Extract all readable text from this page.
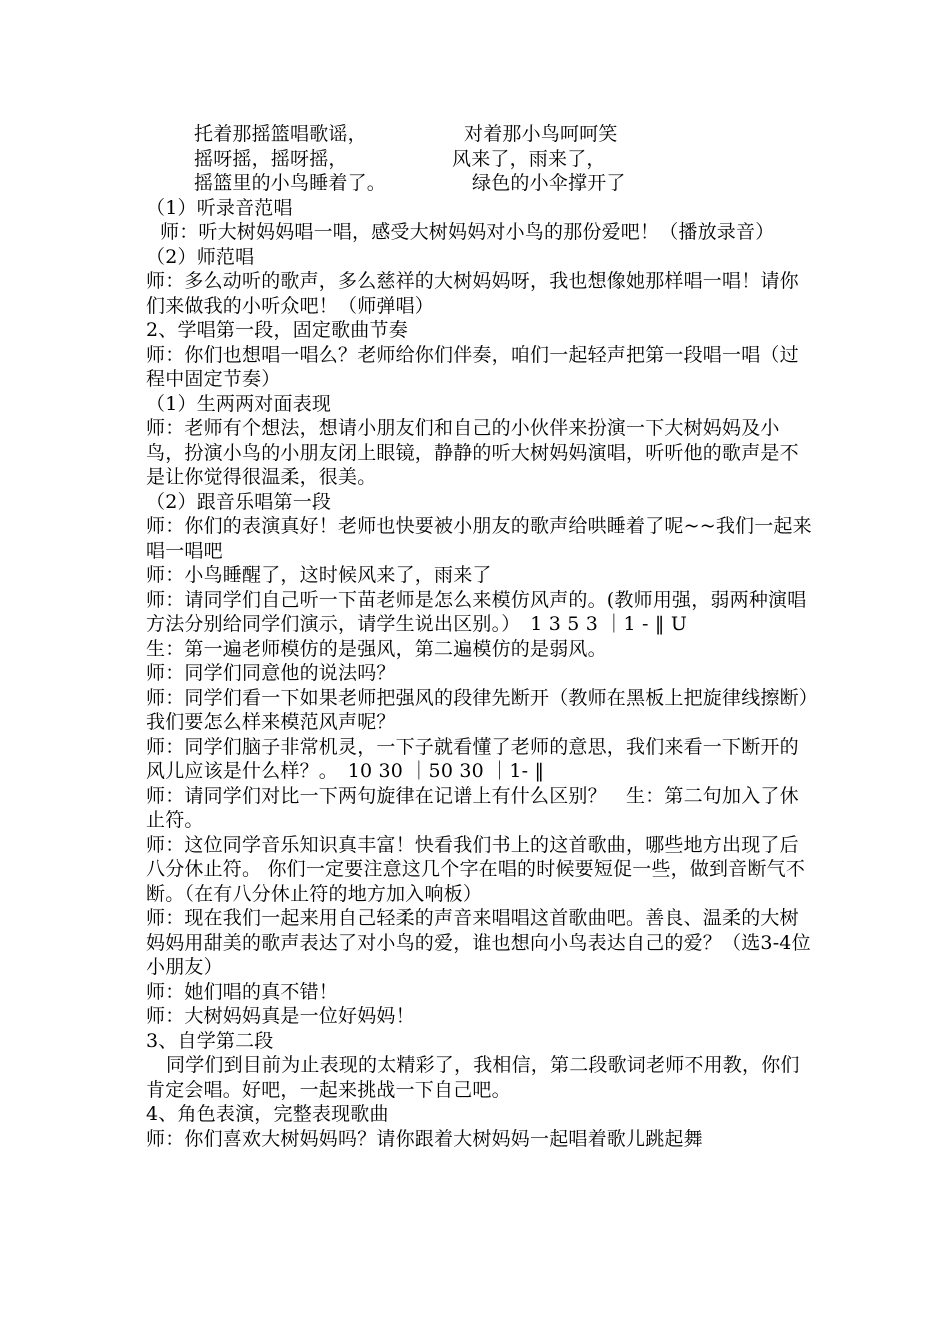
托着那摇篮唱歌谣，	对着那小鸟呵呵笑
摇呀摇，摇呀摇，	风来了，雨来了，
摇篮里的小鸟睡着了。	绿色的小伞撑开了

（1）听录音范唱

师：听大树妈妈唱一唱，感受大树妈妈对小鸟的那份爱吧！（播放录音）

（2）师范唱

师：多么动听的歌声，多么慈祥的大树妈妈呀，我也想像她那样唱一唱！请你们来做我的小听众吧！（师弹唱）

2、学唱第一段，固定歌曲节奏

师：你们也想唱一唱么？老师给你们伴奏，咱们一起轻声把第一段唱一唱（过程中固定节奏）

（1）生两两对面表现

师：老师有个想法，想请小朋友们和自己的小伙伴来扮演一下大树妈妈及小鸟，扮演小鸟的小朋友闭上眼镜，静静的听大树妈妈演唱，听听他的歌声是不是让你觉得很温柔，很美。

（2）跟音乐唱第一段

师：你们的表演真好！老师也快要被小朋友的歌声给哄睡着了呢~~我们一起来唱一唱吧

师：小鸟睡醒了，这时候风来了，雨来了

师：请同学们自己听一下苗老师是怎么来模仿风声的。(教师用强，弱两种演唱方法分别给同学们演示，请学生说出区别。）　1 3 5 3 ｜1 - ‖ U

生：第一遍老师模仿的是强风，第二遍模仿的是弱风。

师：同学们同意他的说法吗？

师：同学们看一下如果老师把强风的段律先断开（教师在黑板上把旋律线擦断）我们要怎么样来模范风声呢？

师：同学们脑子非常机灵，一下子就看懂了老师的意思，我们来看一下断开的风儿应该是什么样？。　10 30 ｜50 30 ｜1- ‖

师：请同学们对比一下两句旋律在记谱上有什么区别？　生：第二句加入了休止符。

师：这位同学音乐知识真丰富！快看我们书上的这首歌曲，哪些地方出现了后八分休止符。 你们一定要注意这几个字在唱的时候要短促一些，做到音断气不断。（在有八分休止符的地方加入响板）

师：现在我们一起来用自己轻柔的声音来唱唱这首歌曲吧。善良、温柔的大树妈妈用甜美的歌声表达了对小鸟的爱，谁也想向小鸟表达自己的爱？（选3-4位小朋友）

师：她们唱的真不错！

师：大树妈妈真是一位好妈妈！

3、自学第二段

同学们到目前为止表现的太精彩了，我相信，第二段歌词老师不用教，你们肯定会唱。好吧，一起来挑战一下自己吧。

4、角色表演，完整表现歌曲

师：你们喜欢大树妈妈吗？请你跟着大树妈妈一起唱着歌儿跳起舞
